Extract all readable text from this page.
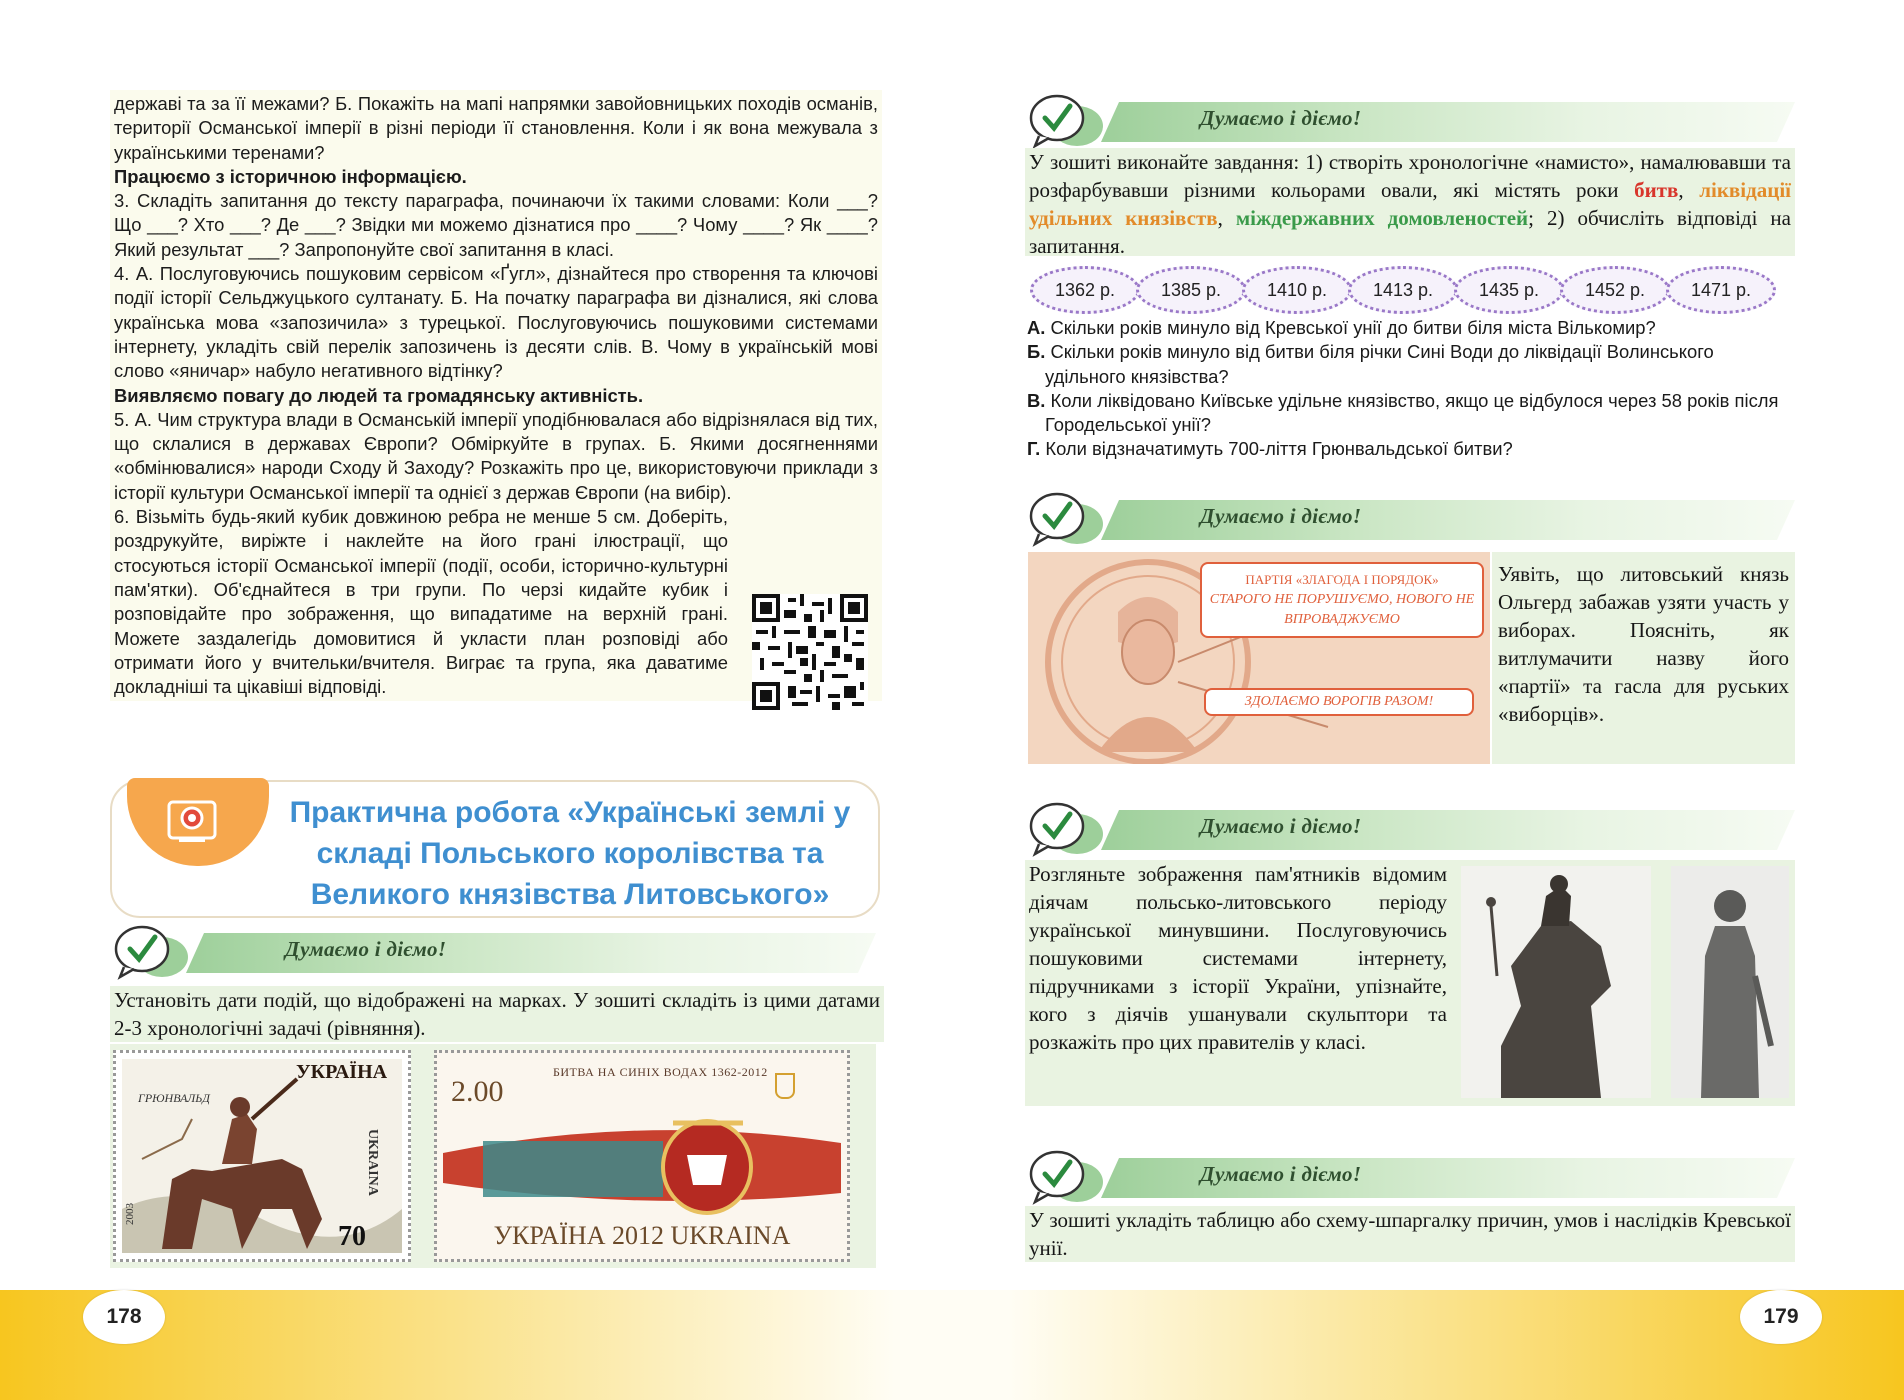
178	179

державі та за її межами? Б. Покажіть на мапі напрямки завойовницьких походів османів, території Османської імперії в різні періоди її становлення. Коли і як вона межувала з українськими теренами?

Працюємо з історичною інформацією.

3. Складіть запитання до тексту параграфа, починаючи їх такими словами: Коли ___? Що ___? Хто ___? Де ___? Звідки ми можемо дізнатися про ____? Чому ____? Як ____? Який результат ___? Запропонуйте свої запитання в класі.

4. А. Послуговуючись пошуковим сервісом «Ґугл», дізнайтеся про створення та ключові події історії Сельджуцького султанату. Б. На початку параграфа ви дізналися, які слова українська мова «запозичила» з турецької. Послуговуючись пошуковими системами інтернету, укладіть свій перелік запозичень із десяти слів. В. Чому в українській мові слово «яничар» набуло негативного відтінку?

Виявляємо повагу до людей та громадянську активність.

5. А. Чим структура влади в Османській імперії уподібнювалася або відрізнялася від тих, що склалися в державах Європи? Обміркуйте в групах. Б. Якими досягненнями «обмінювалися» народи Сходу й Заходу? Розкажіть про це, використовуючи приклади з історії культури Османської імперії та однієї з держав Європи (на вибір).

6. Візьміть будь-який кубик довжиною ребра не менше 5 см. Доберіть, роздрукуйте, виріжте і наклейте на його грані ілюстрації, що стосуються історії Османської імперії (події, особи, історично-культурні пам'ятки). Об'єднайтеся в три групи. По черзі кидайте кубик і розповідайте про зображення, що випадатиме на верхній грані. Можете заздалегідь домовитися й укласти план розповіді або отримати його у вчительки/вчителя. Виграє та група, яка даватиме докладніші та цікавіші відповіді.

Практична робота «Українські землі у складі Польського королівства та Великого князівства Литовського»
Думаємо і діємо!
Установіть дати подій, що відображені на марках. У зошиті складіть із цими датами 2-3 хронологічні задачі (рівняння).
УКРАЇНА
ГРЮНВАЛЬД
UKRAINA
2003
70
2.00
БИТВА НА СИНІХ ВОДАХ 1362-2012
УКРАЇНА 2012 UKRAINA
Думаємо і діємо!
У зошиті виконайте завдання: 1) створіть хронологічне «намисто», намалювавши та розфарбувавши різними кольорами овали, які містять роки битв, ліквідації удільних князівств, міждержавних домовленостей; 2) обчисліть відповіді на запитання.
1362 р.	1385 р.	1410 р.	1413 р.	1435 р.	1452 р.	1471 р.

А. Скільки років минуло від Кревської унії до битви біля міста Вількомир?

Б. Скільки років минуло від битви біля річки Сині Води до ліквідації Волинського удільного князівства?

В. Коли ліквідовано Київське удільне князівство, якщо це відбулося через 58 років після Городельської унії?

Г. Коли відзначатимуть 700-ліття Грюнвальдської битви?

Думаємо і діємо!
ПАРТІЯ «ЗЛАГОДА І ПОРЯДОК»
СТАРОГО НЕ ПОРУШУЄМО, НОВОГО НЕ ВПРОВАДЖУЄМО
ЗДОЛАЄМО ВОРОГІВ РАЗОМ!
Уявіть, що литовський князь Ольгерд забажав узяти участь у виборах. Поясніть, як витлумачити назву його «партії» та гасла для руських «виборців».
Думаємо і діємо!
Розгляньте зображення пам'ятників відомим діячам польсько-литовського періоду української минувшини. Послуговуючись пошуковими системами інтернету, підручниками з історії України, упізнайте, кого з діячів ушанували скульптори та розкажіть про цих правителів у класі.
Думаємо і діємо!
У зошиті укладіть таблицю або схему-шпаргалку причин, умов і наслідків Кревської унії.
